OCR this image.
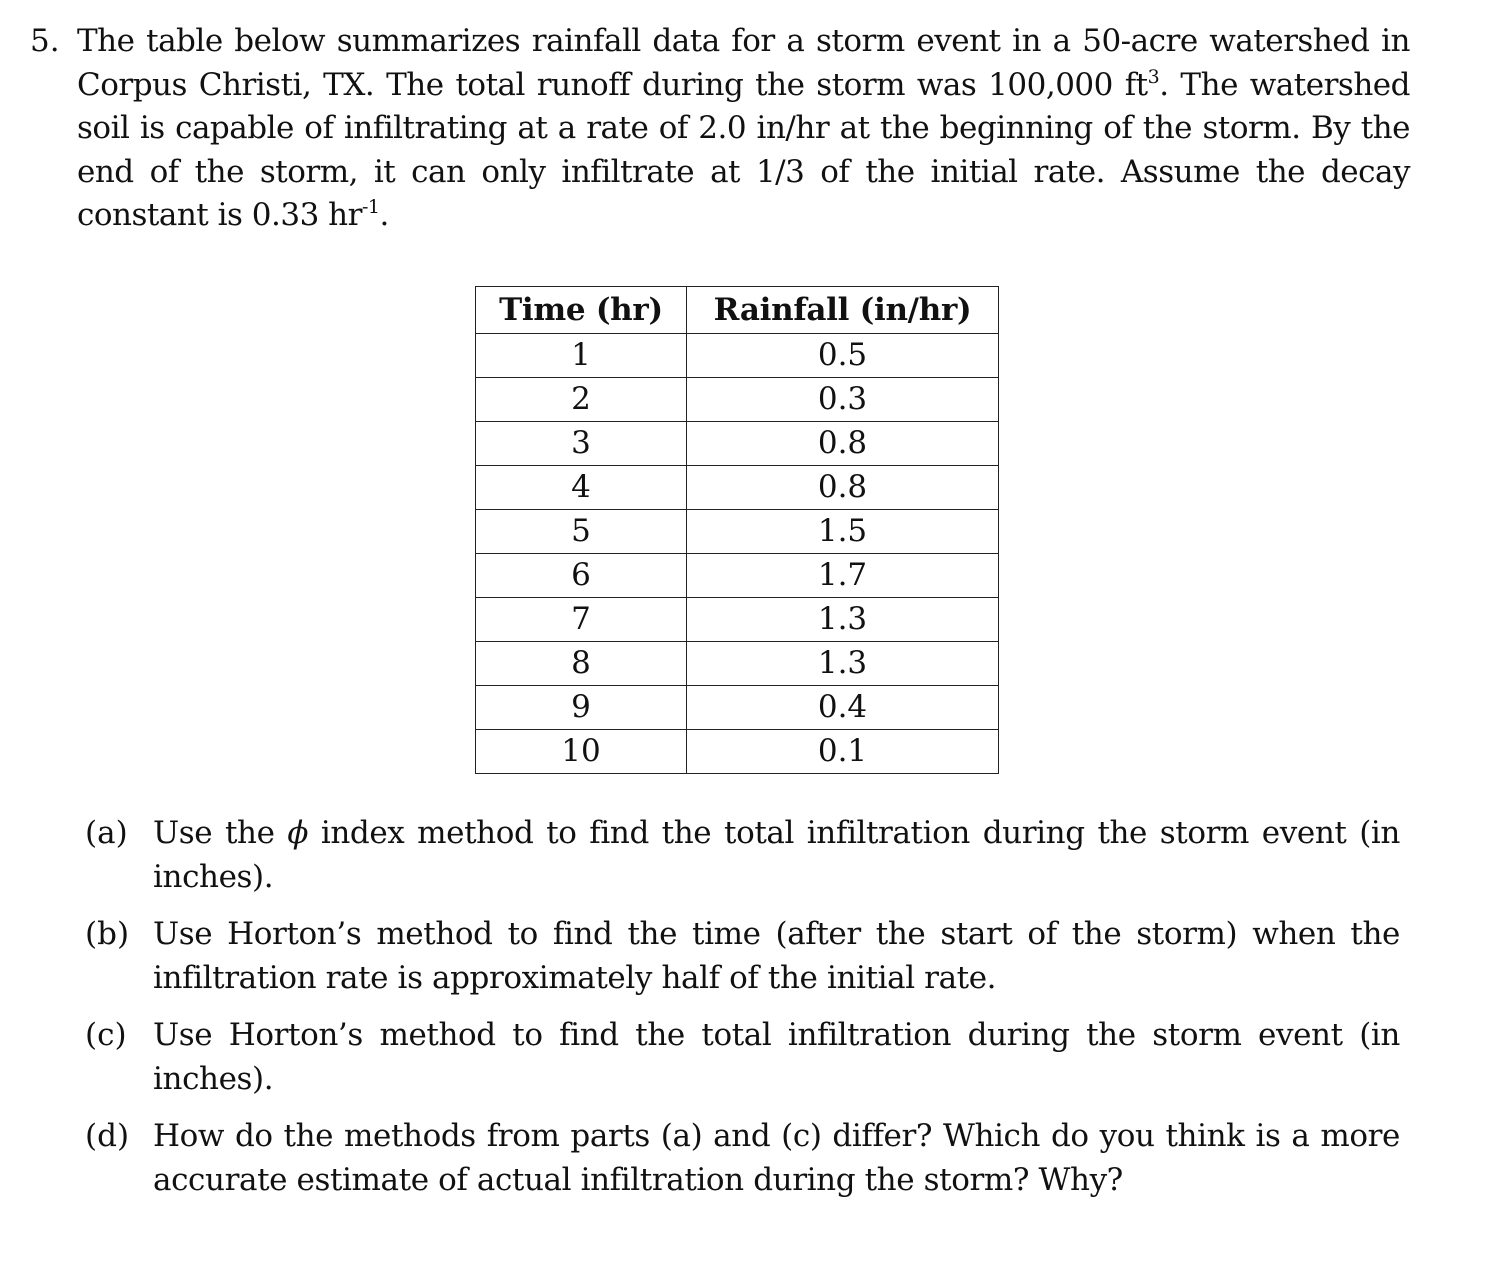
5. The table below summarizes rainfall data for a storm event in a 50-acre watershed in Corpus Christi, TX. The total runoff during the storm was 100,000 $ft^3$. The watershed soil is capable of infiltrating at a rate of 2.0 in/hr at the beginning of the storm. By the end of the storm, it can only infiltrate at 1/3 of the initial rate. Assume the decay constant is 0.33 $hr^{-1}$.
Time (hr)	Rainfall (in/hr)
1	0.5
2	0.3
3	0.8
4	0.8
5	1.5
6	1.7
7	1.3
8	1.3
9	0.4
10	0.1
(a) Use the ϕ index method to find the total infiltration during the storm event (in inches).
(b) Use Horton’s method to find the time (after the start of the storm) when the infiltration rate is approximately half of the initial rate.
(c) Use Horton’s method to find the total infiltration during the storm event (in inches).
(d) How do the methods from parts (a) and (c) differ? Which do you think is a more accurate estimate of actual infiltration during the storm? Why?
